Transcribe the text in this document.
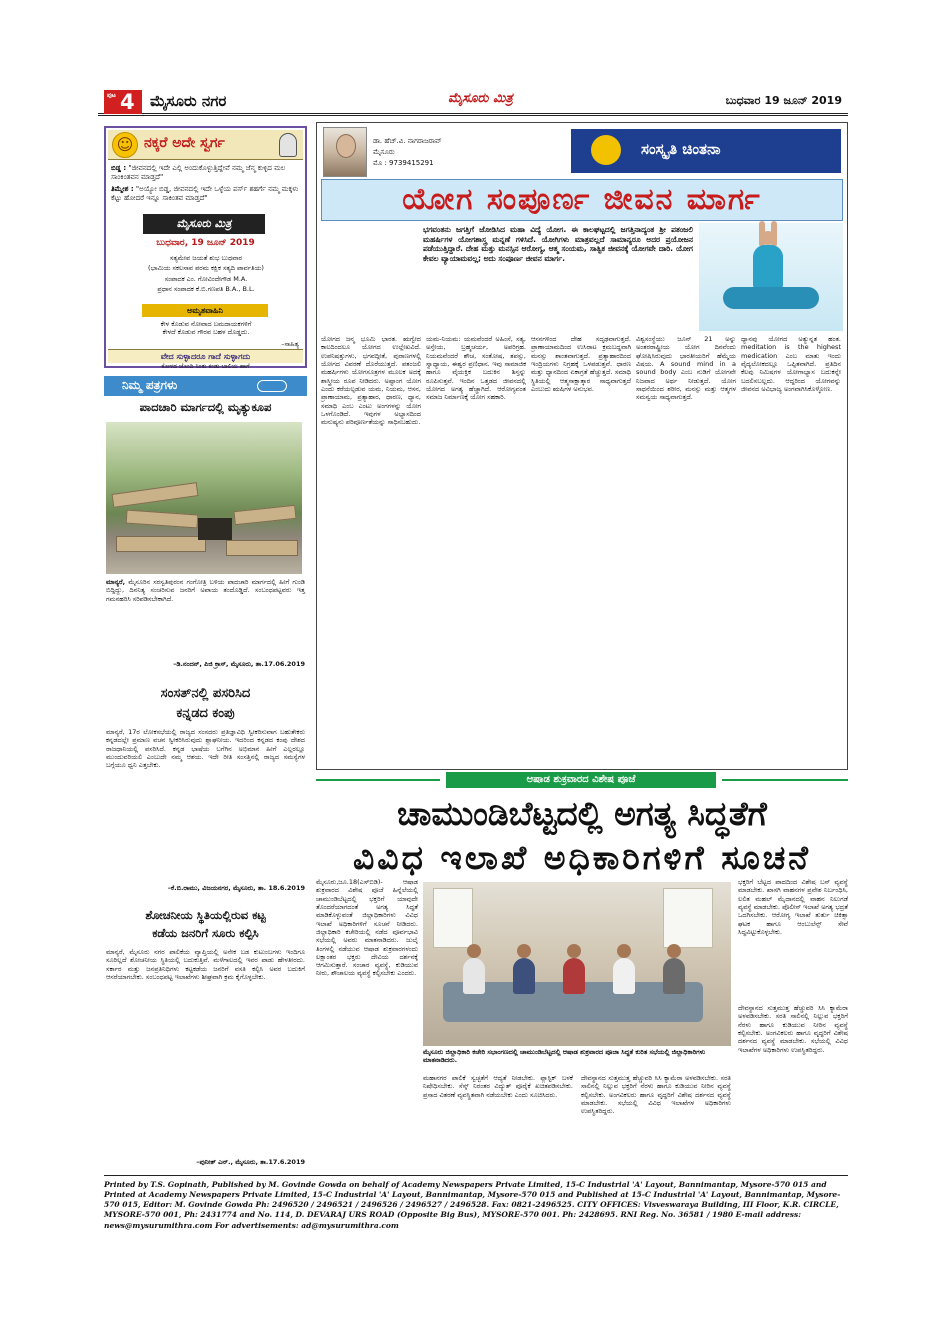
ಪುಟ 4 ಮೈಸೂರು ನಗರ	ಮೈಸೂರು ಮಿತ್ರ	ಬುಧವಾರ 19 ಜೂನ್ 2019
☺ ನಕ್ಕರೆ ಅದೇ ಸ್ವರ್ಗ
ಬಿಡ್ಡ : "ಜೀವನದಲ್ಲಿ ಇದೇ ಎಲ್ಲಿ ಅಂದುಕೊಳ್ಳುತ್ತಿದ್ದೇವೆ ನಮ್ಮ ಜೆನ್ಮ ಕುಳ್ಳಿದ ಮಲ ಸಾಂಕಿಂತವನ ಮಾಡ್ತದೆ"
ತಿಮ್ಮೇಶ : "ಅಯ್ಯೋ ಬಿಡ್ಡ, ಜೀವನದಲ್ಲಿ ಇದೇ ಒಳ್ಳೆಯ ಪರ್ಸ್ ಶಹರ್ಗೆ ನಮ್ಮ ಮಕ್ಕಳು ಕೆಟ್ಟು ಹೋದರೆ ಇನ್ನೂ ಸಾಕಿಂತವ ಮಾಡ್ತದೆ"
ಮೈಸೂರು ಮಿತ್ರ
ಬುಧವಾರ, 19 ಜೂನ್ 2019
ಸತ್ಯಮೇವ ಜಯತೆ ಶುಭ ಬುಧವಾರ
(ಭಾಮಿಯ ಸಕಲಸಾವ ಪರಮ ಕಕ್ಷಿಕ ಸತ್ಯದಿ ಪಾರ್ವತಿಯ)
ಸಂಪಾದಕ ಎಂ. ಗೋವಿಂದೇಗೌಡ M.A.
ಪ್ರಧಾನ ಸಂಪಾದಕ ಕೆ.ಬಿ.ಗಣಪತಿ B.A., B.L.
ಅಮೃತವಾಹಿನಿ
ಕೇಳ ಕೊಡುವ ನೋವಾದ ಬಮದಾಯಕಗಳಿಗೆ
ಕೇಳದೆ ಕೊಡುವ ಗೌರವ ಬಹಳ ದೊಡ್ಡದು.
–ಸಾಹಿತ್ಯ
ವೇದ ಸುಳ್ಳಾದರೂ ಗಾದೆ ಸುಳ್ಳಾಗದು
ಕೋಳದ ಜೊಂದಿ ನಿಂತು ಕಂಡು ಬಾಲಿಯ ಹಾಗೆ
ನಿಮ್ಮ ಪತ್ರಗಳು
ಪಾದಚಾರಿ ಮಾರ್ಗದಲ್ಲಿ ಮೃತ್ಯುಕೂಪ
ಮಾನ್ಯರೆ, ಮೈಸೂರಿನ ಸರಸ್ವತಿಪುರಂನ ಗಂಗೋತ್ರಿ ಬಳಿಯ ಪಾದಚಾರಿ ಮಾರ್ಗದಲ್ಲಿ ಹೀಗೆ ಗುಂಡಿ ಬಿದ್ದಿದ್ದು, ದಿನನಿತ್ಯ ಸಂಚರಿಸುವ ಜನರಿಗೆ ಅಪಾಯ ತಂದೊಡ್ಡಿದೆ. ಸಂಬಂಧಪಟ್ಟವರು ಇತ್ತ ಗಮನಹರಿಸಿ ಸರಿಪಡಿಸಬೇಕಾಗಿದೆ.
–ಡಿ.ನಂದನ್, ಪಿಜಿ ಕ್ರಾಸ್, ಮೈಸೂರು, ತಾ.17.06.2019
ಸಂಸತ್‌ನಲ್ಲಿ ಪಸರಿಸಿದ
ಕನ್ನಡದ ಕಂಪು
ಮಾನ್ಯರೆ, 17ರ ಲೋಕಸಭೆಯಲ್ಲಿ ರಾಜ್ಯದ ಸಂಸದರು ಪ್ರತಿಜ್ಞಾವಿಧಿ ಸ್ವೀಕರಿಸುವಾಗ ಬಹುತೇಕರು ಕನ್ನಡದಲ್ಲೇ ಪ್ರಮಾಣ ವಚನ ಸ್ವೀಕರಿಸಿರುವುದು ಶ್ಲಾಘನೀಯ. ಇದರಿಂದ ಕನ್ನಡದ ಕಂಪು ದೇಶದ ರಾಜಧಾನಿಯಲ್ಲಿ ಪಸರಿಸಿದೆ. ಕನ್ನಡ ಭಾಷೆಯ ಬಗೆಗಿನ ಅಭಿಮಾನ ಹೀಗೆ ಎಲ್ಲರಲ್ಲೂ ಮುಂದುವರಿಯಲಿ ಎಂಬುದೇ ನಮ್ಮ ಆಶಯ. ಇದೇ ರೀತಿ ಸಂಸತ್ತಿನಲ್ಲಿ ರಾಜ್ಯದ ಸಮಸ್ಯೆಗಳ ಬಗ್ಗೆಯೂ ಧ್ವನಿ ಎತ್ತಬೇಕು.
–ಕೆ.ಬಿ.ರಾಮು, ವಿಜಯನಗರ, ಮೈಸೂರು, ತಾ. 18.6.2019
ಶೋಚನೀಯ ಸ್ಥಿತಿಯಲ್ಲಿರುವ ಕಟ್ಟ
ಕಡೆಯ ಜನರಿಗೆ ಸೂರು ಕಲ್ಪಿಸಿ
ಮಾನ್ಯರೆ, ಮೈಸೂರು ನಗರ ಪಾಲಿಕೆಯ ವ್ಯಾಪ್ತಿಯಲ್ಲಿ ಅನೇಕ ಬಡ ಕುಟುಂಬಗಳು ಇಂದಿಗೂ ಸೂರಿಲ್ಲದೆ ಶೋಚನೀಯ ಸ್ಥಿತಿಯಲ್ಲಿ ಬದುಕುತ್ತಿವೆ. ಮಳೆಗಾಲದಲ್ಲಿ ಇವರ ಪಾಡು ಹೇಳತೀರದು. ಸರ್ಕಾರ ಮತ್ತು ಜನಪ್ರತಿನಿಧಿಗಳು ಕಟ್ಟಕಡೆಯ ಜನರಿಗೆ ವಸತಿ ಕಲ್ಪಿಸಿ ಅವರ ಬದುಕಿಗೆ ಆಸರೆಯಾಗಬೇಕು. ಸಂಬಂಧಪಟ್ಟ ಇಲಾಖೆಗಳು ಶೀಘ್ರವಾಗಿ ಕ್ರಮ ಕೈಗೊಳ್ಳಬೇಕು.
–ಪುನೀತ್ ಎನ್., ಮೈಸೂರು, ತಾ.17.6.2019
ಡಾ. ಹೆಚ್.ವಿ. ನಾಗರಾಜರಾವ್
ಮೈಸೂರು
ಮೊ : 9739415291
ಸಂಸ್ಕೃತಿ ಚಿಂತನಾ
ಯೋಗ ಸಂಪೂರ್ಣ ಜೀವನ ಮಾರ್ಗ
ಭಗವಂತನು ಜಗತ್ತಿಗೆ ಜೋಡಿಸಿದ ಮಹಾ ವಿದ್ಯೆ ಯೋಗ. ಈ ಕಾಲಘಟ್ಟದಲ್ಲಿ ಜಗತ್ತಿನಾದ್ಯಂತ ಶ್ರೀ ಪತಂಜಲಿ ಮಹರ್ಷಿಗಳ ಯೋಗಶಾಸ್ತ್ರ ಮನ್ನಣೆ ಗಳಿಸಿದೆ. ಯೋಗಿಗಳು ಮಾತ್ರವಲ್ಲದೆ ಸಾಮಾನ್ಯರೂ ಅದರ ಪ್ರಯೋಜನ ಪಡೆಯುತ್ತಿದ್ದಾರೆ. ದೇಹ ಮತ್ತು ಮನಸ್ಸಿನ ಆರೋಗ್ಯ, ಆತ್ಮ ಸಂಯಮ, ಸಾತ್ವಿಕ ಜೀವನಕ್ಕೆ ಯೋಗವೇ ದಾರಿ. ಯೋಗ ಕೇವಲ ವ್ಯಾಯಾಮವಲ್ಲ; ಅದು ಸಂಪೂರ್ಣ ಜೀವನ ಮಾರ್ಗ.
ಯೋಗದ ಜನ್ಮ ಭೂಮಿ ಭಾರತ. ಋಗ್ವೇದ ಕಾಲದಿಂದಲೂ ಯೋಗದ ಉಲ್ಲೇಖವಿದೆ. ಉಪನಿಷತ್ತುಗಳು, ಭಗವದ್ಗೀತೆ, ಪುರಾಣಗಳಲ್ಲಿ ಯೋಗದ ವಿವರಣೆ ದೊರೆಯುತ್ತದೆ. ಪತಂಜಲಿ ಮಹರ್ಷಿಗಳು ಯೋಗಸೂತ್ರಗಳ ಮೂಲಕ ಅದಕ್ಕೆ ಶಾಸ್ತ್ರೀಯ ರೂಪ ನೀಡಿದರು. ಅಷ್ಟಾಂಗ ಯೋಗ ಎಂದು ಕರೆಯಲ್ಪಡುವ ಯಮ, ನಿಯಮ, ಆಸನ, ಪ್ರಾಣಾಯಾಮ, ಪ್ರತ್ಯಾಹಾರ, ಧಾರಣ, ಧ್ಯಾನ, ಸಮಾಧಿ ಎಂಬ ಎಂಟು ಅಂಗಗಳನ್ನು ಯೋಗ ಒಳಗೊಂಡಿದೆ. ಇವುಗಳ ಅಭ್ಯಾಸದಿಂದ ಮನುಷ್ಯನು ಪರಿಪೂರ್ಣತೆಯನ್ನು ಸಾಧಿಸಬಹುದು.
ಯಮ-ನಿಯಮ: ಯಮವೆಂದರೆ ಅಹಿಂಸೆ, ಸತ್ಯ, ಅಸ್ತೇಯ, ಬ್ರಹ್ಮಚರ್ಯ, ಅಪರಿಗ್ರಹ. ನಿಯಮವೆಂದರೆ ಶೌಚ, ಸಂತೋಷ, ತಪಸ್ಸು, ಸ್ವಾಧ್ಯಾಯ, ಈಶ್ವರ ಪ್ರಣಿಧಾನ. ಇವು ಸಾಮಾಜಿಕ ಹಾಗೂ ವೈಯಕ್ತಿಕ ಬದುಕಿನ ಶಿಸ್ತನ್ನು ರೂಪಿಸುತ್ತವೆ. ಇಂದಿನ ಒತ್ತಡದ ಜೀವನದಲ್ಲಿ ಯೋಗದ ಅಗತ್ಯ ಹೆಚ್ಚಾಗಿದೆ. ಆರೋಗ್ಯವಂತ ಸಮಾಜ ನಿರ್ಮಾಣಕ್ಕೆ ಯೋಗ ಸಹಕಾರಿ.
ಆಸನಗಳಿಂದ ದೇಹ ಸದೃಢವಾಗುತ್ತದೆ. ಪ್ರಾಣಾಯಾಮದಿಂದ ಉಸಿರಾಟ ಕ್ರಮಬದ್ಧವಾಗಿ ಮನಸ್ಸು ಶಾಂತವಾಗುತ್ತದೆ. ಪ್ರತ್ಯಾಹಾರದಿಂದ ಇಂದ್ರಿಯಗಳು ನಿಗ್ರಹಕ್ಕೆ ಒಳಪಡುತ್ತವೆ. ಧಾರಣ ಮತ್ತು ಧ್ಯಾನದಿಂದ ಏಕಾಗ್ರತೆ ಹೆಚ್ಚುತ್ತದೆ. ಸಮಾಧಿ ಸ್ಥಿತಿಯಲ್ಲಿ ಆತ್ಮಸಾಕ್ಷಾತ್ಕಾರ ಸಾಧ್ಯವಾಗುತ್ತದೆ ಎಂಬುದು ಋಷಿಗಳ ಅನುಭವ.
ವಿಶ್ವಸಂಸ್ಥೆಯು ಜೂನ್ 21 ಅನ್ನು ಅಂತರರಾಷ್ಟ್ರೀಯ ಯೋಗ ದಿನವೆಂದು ಘೋಷಿಸಿರುವುದು ಭಾರತೀಯರಿಗೆ ಹೆಮ್ಮೆಯ ವಿಷಯ. A sound mind in a sound body ಎಂಬ ನುಡಿಗೆ ಯೋಗವೇ ನಿಜವಾದ ಅರ್ಥ ನೀಡುತ್ತದೆ. ಯೋಗ ಸಾಧನೆಯಿಂದ ಶರೀರ, ಮನಸ್ಸು ಮತ್ತು ಆತ್ಮಗಳ ಸಮನ್ವಯ ಸಾಧ್ಯವಾಗುತ್ತದೆ.
ಧ್ಯಾನವು ಯೋಗದ ಅತ್ಯುನ್ನತ ಹಂತ. meditation is the highest medication ಎಂಬ ಮಾತು ಇಂದು ವೈದ್ಯಲೋಕದಲ್ಲೂ ಒಪ್ಪಿತವಾಗಿದೆ. ಪ್ರತಿದಿನ ಕೆಲವು ನಿಮಿಷಗಳ ಯೋಗಾಭ್ಯಾಸ ಬದುಕನ್ನೇ ಬದಲಿಸಬಲ್ಲದು. ಆದ್ದರಿಂದ ಯೋಗವನ್ನು ಜೀವನದ ಅವಿಭಾಜ್ಯ ಅಂಗವಾಗಿಸಿಕೊಳ್ಳೋಣ.
ಆಷಾಡ ಶುಕ್ರವಾರದ ವಿಶೇಷ ಪೂಜೆ
ಚಾಮುಂಡಿಬೆಟ್ಟದಲ್ಲಿ ಅಗತ್ಯ ಸಿದ್ಧತೆಗೆ
ವಿವಿಧ ಇಲಾಖೆ ಅಧಿಕಾರಿಗಳಿಗೆ ಸೂಚನೆ
ಮೈಸೂರು,ಜೂ.18(ಎಸ್‌ಬಿಡಿ)- ಆಷಾಡ ಶುಕ್ರವಾರದ ವಿಶೇಷ ಪೂಜೆ ಹಿನ್ನೆಲೆಯಲ್ಲಿ ಚಾಮುಂಡಿಬೆಟ್ಟದಲ್ಲಿ ಭಕ್ತರಿಗೆ ಯಾವುದೇ ತೊಂದರೆಯಾಗದಂತೆ ಅಗತ್ಯ ಸಿದ್ಧತೆ ಮಾಡಿಕೊಳ್ಳುವಂತೆ ಜಿಲ್ಲಾಧಿಕಾರಿಗಳು ವಿವಿಧ ಇಲಾಖೆ ಅಧಿಕಾರಿಗಳಿಗೆ ಸೂಚನೆ ನೀಡಿದರು. ಜಿಲ್ಲಾಧಿಕಾರಿ ಕಚೇರಿಯಲ್ಲಿ ನಡೆದ ಪೂರ್ವಭಾವಿ ಸಭೆಯಲ್ಲಿ ಅವರು ಮಾತನಾಡಿದರು. ಜುಲೈ ತಿಂಗಳಲ್ಲಿ ನಡೆಯುವ ಆಷಾಡ ಶುಕ್ರವಾರಗಳಂದು ಲಕ್ಷಾಂತರ ಭಕ್ತರು ದೇವಿಯ ದರ್ಶನಕ್ಕೆ ಆಗಮಿಸುತ್ತಾರೆ. ಸಂಚಾರ ವ್ಯವಸ್ಥೆ, ಕುಡಿಯುವ ನೀರು, ಶೌಚಾಲಯ ವ್ಯವಸ್ಥೆ ಕಲ್ಪಿಸಬೇಕು ಎಂದರು.
ಮೈಸೂರು ಜಿಲ್ಲಾಧಿಕಾರಿ ಕಚೇರಿ ಸಭಾಂಗಣದಲ್ಲಿ ಚಾಮುಂಡಿಬೆಟ್ಟದಲ್ಲಿ ಆಷಾಡ ಶುಕ್ರವಾರದ ಪೂಜಾ ಸಿದ್ಧತೆ ಕುರಿತ ಸಭೆಯಲ್ಲಿ ಜಿಲ್ಲಾಧಿಕಾರಿಗಳು ಮಾತನಾಡಿದರು.
ಭಕ್ತರಿಗೆ ಬೆಟ್ಟದ ಪಾದದಿಂದ ವಿಶೇಷ ಬಸ್ ವ್ಯವಸ್ಥೆ ಮಾಡಬೇಕು. ಖಾಸಗಿ ವಾಹನಗಳ ಪ್ರವೇಶ ನಿರ್ಬಂಧಿಸಿ, ಲಲಿತ ಮಹಲ್ ಮೈದಾನದಲ್ಲಿ ವಾಹನ ನಿಲುಗಡೆ ವ್ಯವಸ್ಥೆ ಮಾಡಬೇಕು. ಪೊಲೀಸ್ ಇಲಾಖೆ ಅಗತ್ಯ ಭದ್ರತೆ ಒದಗಿಸಬೇಕು. ಆರೋಗ್ಯ ಇಲಾಖೆ ತುರ್ತು ಚಿಕಿತ್ಸಾ ಘಟಕ ಹಾಗೂ ಆಂಬುಲೆನ್ಸ್ ಸೇವೆ ಸಿದ್ಧವಿಟ್ಟುಕೊಳ್ಳಬೇಕು.
ಮಹಾನಗರ ಪಾಲಿಕೆ ಸ್ವಚ್ಛತೆಗೆ ಆದ್ಯತೆ ನೀಡಬೇಕು. ಪ್ಲಾಸ್ಟಿಕ್ ಬಳಕೆ ನಿಷೇಧಿಸಬೇಕು. ಸೆಸ್ಕ್ ನಿರಂತರ ವಿದ್ಯುತ್ ಪೂರೈಕೆ ಖಚಿತಪಡಿಸಬೇಕು. ಪ್ರಸಾದ ವಿತರಣೆ ವ್ಯವಸ್ಥಿತವಾಗಿ ನಡೆಯಬೇಕು ಎಂದು ಸೂಚಿಸಿದರು.
ದೇವಸ್ಥಾನದ ಸುತ್ತಮುತ್ತ ಹೆಚ್ಚುವರಿ ಸಿಸಿ ಕ್ಯಾಮೆರಾ ಅಳವಡಿಸಬೇಕು. ಸರತಿ ಸಾಲಿನಲ್ಲಿ ನಿಲ್ಲುವ ಭಕ್ತರಿಗೆ ನೆರಳು ಹಾಗೂ ಕುಡಿಯುವ ನೀರಿನ ವ್ಯವಸ್ಥೆ ಕಲ್ಪಿಸಬೇಕು. ಅಂಗವಿಕಲರು ಹಾಗೂ ವೃದ್ಧರಿಗೆ ವಿಶೇಷ ದರ್ಶನದ ವ್ಯವಸ್ಥೆ ಮಾಡಬೇಕು. ಸಭೆಯಲ್ಲಿ ವಿವಿಧ ಇಲಾಖೆಗಳ ಅಧಿಕಾರಿಗಳು ಉಪಸ್ಥಿತರಿದ್ದರು.
ದೇವಸ್ಥಾನದ ಸುತ್ತಮುತ್ತ ಹೆಚ್ಚುವರಿ ಸಿಸಿ ಕ್ಯಾಮೆರಾ ಅಳವಡಿಸಬೇಕು. ಸರತಿ ಸಾಲಿನಲ್ಲಿ ನಿಲ್ಲುವ ಭಕ್ತರಿಗೆ ನೆರಳು ಹಾಗೂ ಕುಡಿಯುವ ನೀರಿನ ವ್ಯವಸ್ಥೆ ಕಲ್ಪಿಸಬೇಕು. ಅಂಗವಿಕಲರು ಹಾಗೂ ವೃದ್ಧರಿಗೆ ವಿಶೇಷ ದರ್ಶನದ ವ್ಯವಸ್ಥೆ ಮಾಡಬೇಕು. ಸಭೆಯಲ್ಲಿ ವಿವಿಧ ಇಲಾಖೆಗಳ ಅಧಿಕಾರಿಗಳು ಉಪಸ್ಥಿತರಿದ್ದರು.
Printed by T.S. Gopinath, Published by M. Govinde Gowda on behalf of Academy Newspapers Private Limited, 15-C Industrial 'A' Layout, Bannimantap, Mysore-570 015 and Printed at Academy Newspapers Private Limited, 15-C Industrial 'A' Layout, Bannimantap, Mysore-570 015 and Published at 15-C Industrial 'A' Layout, Bannimantap, Mysore-570 015, Editor: M. Govinde Gowda Ph: 2496520 / 2496521 / 2496526 / 2496527 / 2496528. Fax: 0821-2496525. CITY OFFICES: Visveswaraya Building, III Floor, K.R. CIRCLE, MYSORE-570 001, Ph: 2431774 and No. 114, D. DEVARAJ URS ROAD (Opposite Big Bus), MYSORE-570 001. Ph: 2428695. RNI Reg. No. 36581 / 1980 E-mail address: news@mysurumithra.com For advertisements: ad@mysurumithra.com
